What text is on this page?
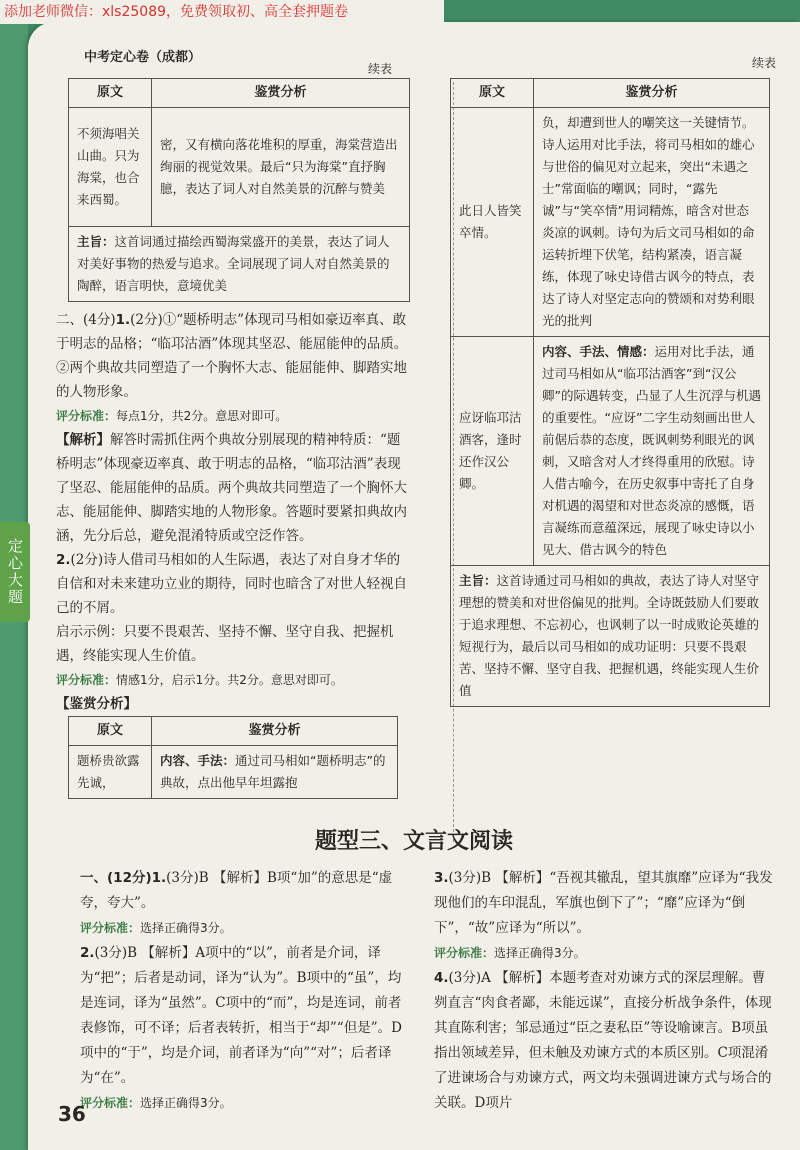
添加老师微信：xls25089，免费领取初、高全套押题卷
中考定心卷（成都）
续表	续表
定心大题
原文	鉴赏分析
不须海唱关山曲。只为海棠，也合来西蜀。	密，又有横向落花堆积的厚重，海棠营造出绚丽的视觉效果。最后“只为海棠”直抒胸臆，表达了词人对自然美景的沉醉与赞美
主旨：这首词通过描绘西蜀海棠盛开的美景，表达了词人对美好事物的热爱与追求。全词展现了词人对自然美景的陶醉，语言明快，意境优美	

二、(4分)1.(2分)①“题桥明志”体现司马相如豪迈率真、敢于明志的品格；“临邛沽酒”体现其坚忍、能屈能伸的品质。②两个典故共同塑造了一个胸怀大志、能屈能伸、脚踏实地的人物形象。

评分标准：每点1分，共2分。意思对即可。

【解析】解答时需抓住两个典故分别展现的精神特质：“题桥明志”体现豪迈率真、敢于明志的品格，“临邛沽酒”表现了坚忍、能屈能伸的品质。两个典故共同塑造了一个胸怀大志、能屈能伸、脚踏实地的人物形象。答题时要紧扣典故内涵，先分后总，避免混淆特质或空泛作答。

2.(2分)诗人借司马相如的人生际遇，表达了对自身才华的自信和对未来建功立业的期待，同时也暗含了对世人轻视自己的不屑。

启示示例：只要不畏艰苦、坚持不懈、坚守自我、把握机遇，终能实现人生价值。

评分标准：情感1分，启示1分。共2分。意思对即可。

【鉴赏分析】

原文	鉴赏分析
题桥贵欲露先诚，	内容、手法：通过司马相如“题桥明志”的典故，点出他早年坦露抱
原文	鉴赏分析
此日人皆笑卒情。	负，却遭到世人的嘲笑这一关键情节。诗人运用对比手法，将司马相如的雄心与世俗的偏见对立起来，突出“未遇之士”常面临的嘲讽；同时，“露先诚”与“笑卒情”用词精炼，暗含对世态炎凉的讽刺。诗句为后文司马相如的命运转折埋下伏笔，结构紧凑，语言凝练，体现了咏史诗借古讽今的特点，表达了诗人对坚定志向的赞颂和对势利眼光的批判
应讶临邛沽酒客，逢时还作汉公卿。	内容、手法、情感：运用对比手法，通过司马相如从“临邛沽酒客”到“汉公卿”的际遇转变，凸显了人生沉浮与机遇的重要性。“应讶”二字生动刻画出世人前倨后恭的态度，既讽刺势利眼光的讽刺，又暗含对人才终得重用的欣慰。诗人借古喻今，在历史叙事中寄托了自身对机遇的渴望和对世态炎凉的感慨，语言凝练而意蕴深远，展现了咏史诗以小见大、借古讽今的特色
主旨：这首诗通过司马相如的典故，表达了诗人对坚守理想的赞美和对世俗偏见的批判。全诗既鼓励人们要敢于追求理想、不忘初心，也讽刺了以一时成败论英雄的短视行为，最后以司马相如的成功证明：只要不畏艰苦、坚持不懈、坚守自我、把握机遇，终能实现人生价值	
题型三、文言文阅读

一、(12分)1.(3分)B 【解析】B项“加”的意思是“虚夸，夸大”。

评分标准：选择正确得3分。

2.(3分)B 【解析】A项中的“以”，前者是介词，译为“把”；后者是动词，译为“认为”。B项中的“虽”，均是连词，译为“虽然”。C项中的“而”，均是连词，前者表修饰，可不译；后者表转折，相当于“却”“但是”。D项中的“于”，均是介词，前者译为“向”“对”；后者译为“在”。

评分标准：选择正确得3分。

3.(3分)B 【解析】“吾视其辙乱，望其旗靡”应译为“我发现他们的车印混乱，军旗也倒下了”；“靡”应译为“倒下”，“故”应译为“所以”。

评分标准：选择正确得3分。

4.(3分)A 【解析】本题考查对劝谏方式的深层理解。曹刿直言“肉食者鄙，未能远谋”，直接分析战争条件，体现其直陈利害；邹忌通过“臣之妻私臣”等设喻谏言。B项虽指出领域差异，但未触及劝谏方式的本质区别。C项混淆了进谏场合与劝谏方式，两文均未强调进谏方式与场合的关联。D项片

36
